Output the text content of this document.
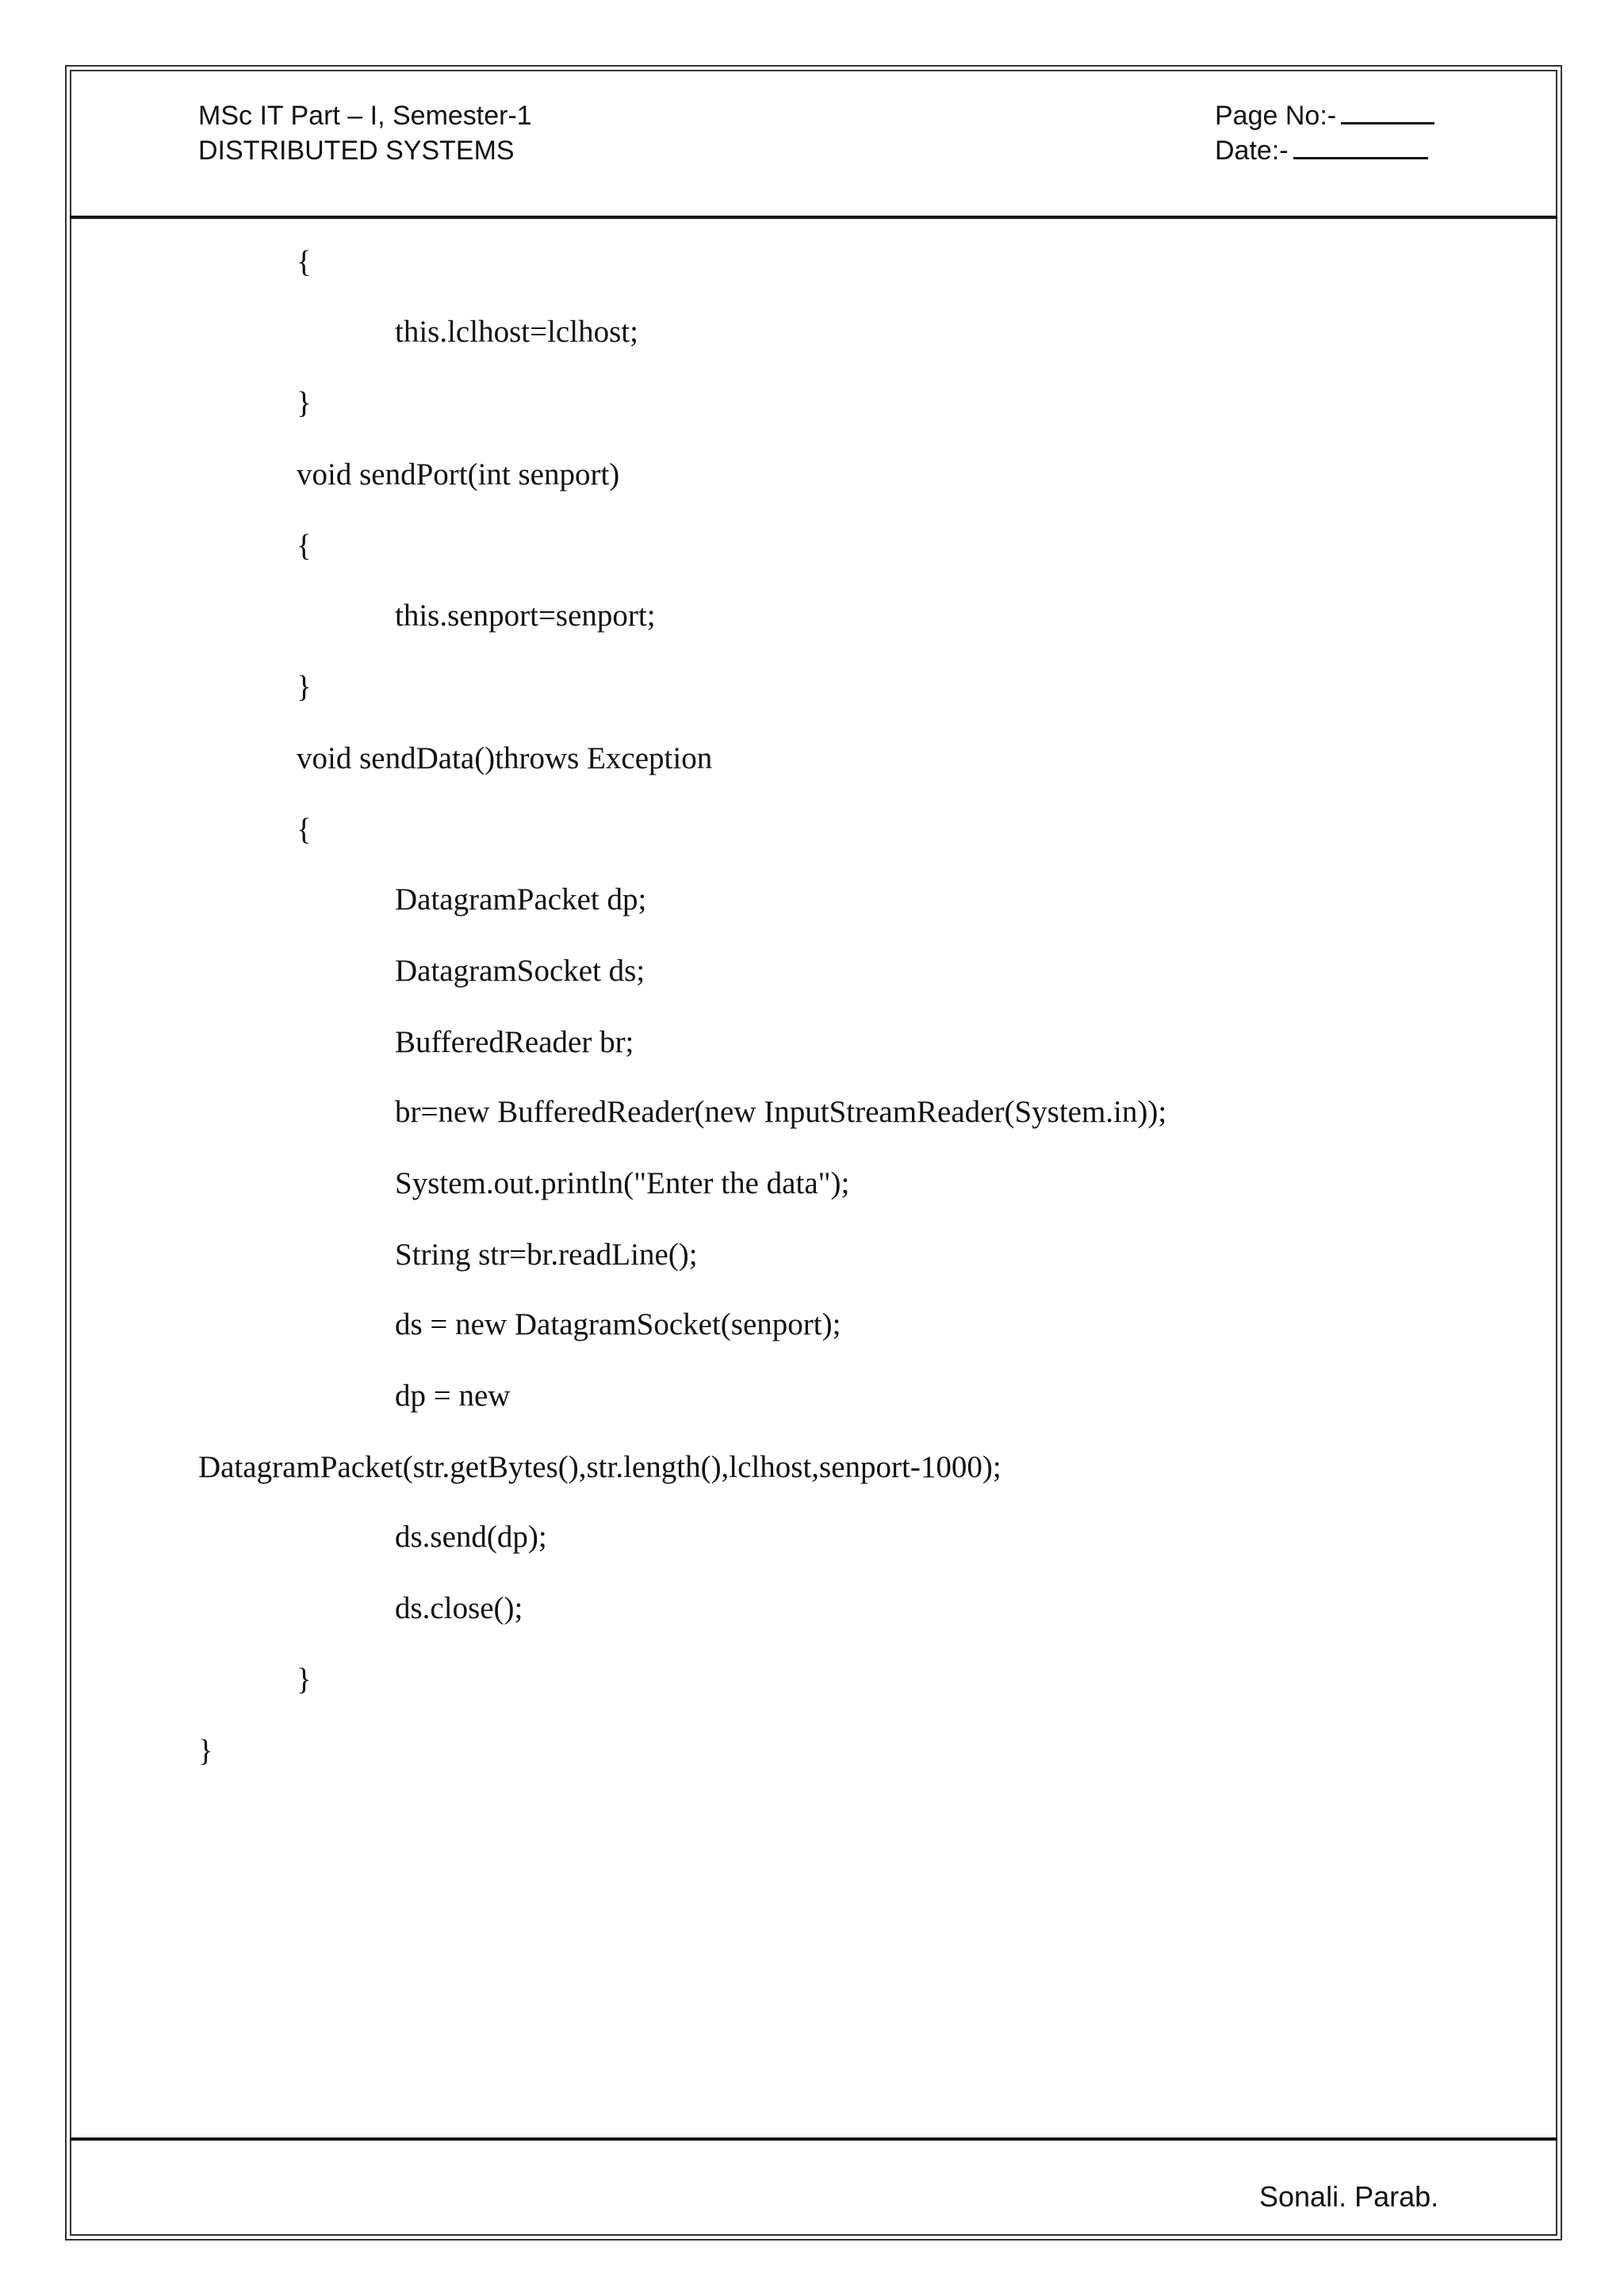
MSc IT Part – I, Semester-1
DISTRIBUTED SYSTEMS
Page No:-
Date:-
{
this.lclhost=lclhost;
}
void sendPort(int senport)
{
this.senport=senport;
}
void sendData()throws Exception
{
DatagramPacket dp;
DatagramSocket ds;
BufferedReader br;
br=new BufferedReader(new InputStreamReader(System.in));
System.out.println("Enter the data");
String str=br.readLine();
ds = new DatagramSocket(senport);
dp = new
DatagramPacket(str.getBytes(),str.length(),lclhost,senport-1000);
ds.send(dp);
ds.close();
}
}
Sonali. Parab.
